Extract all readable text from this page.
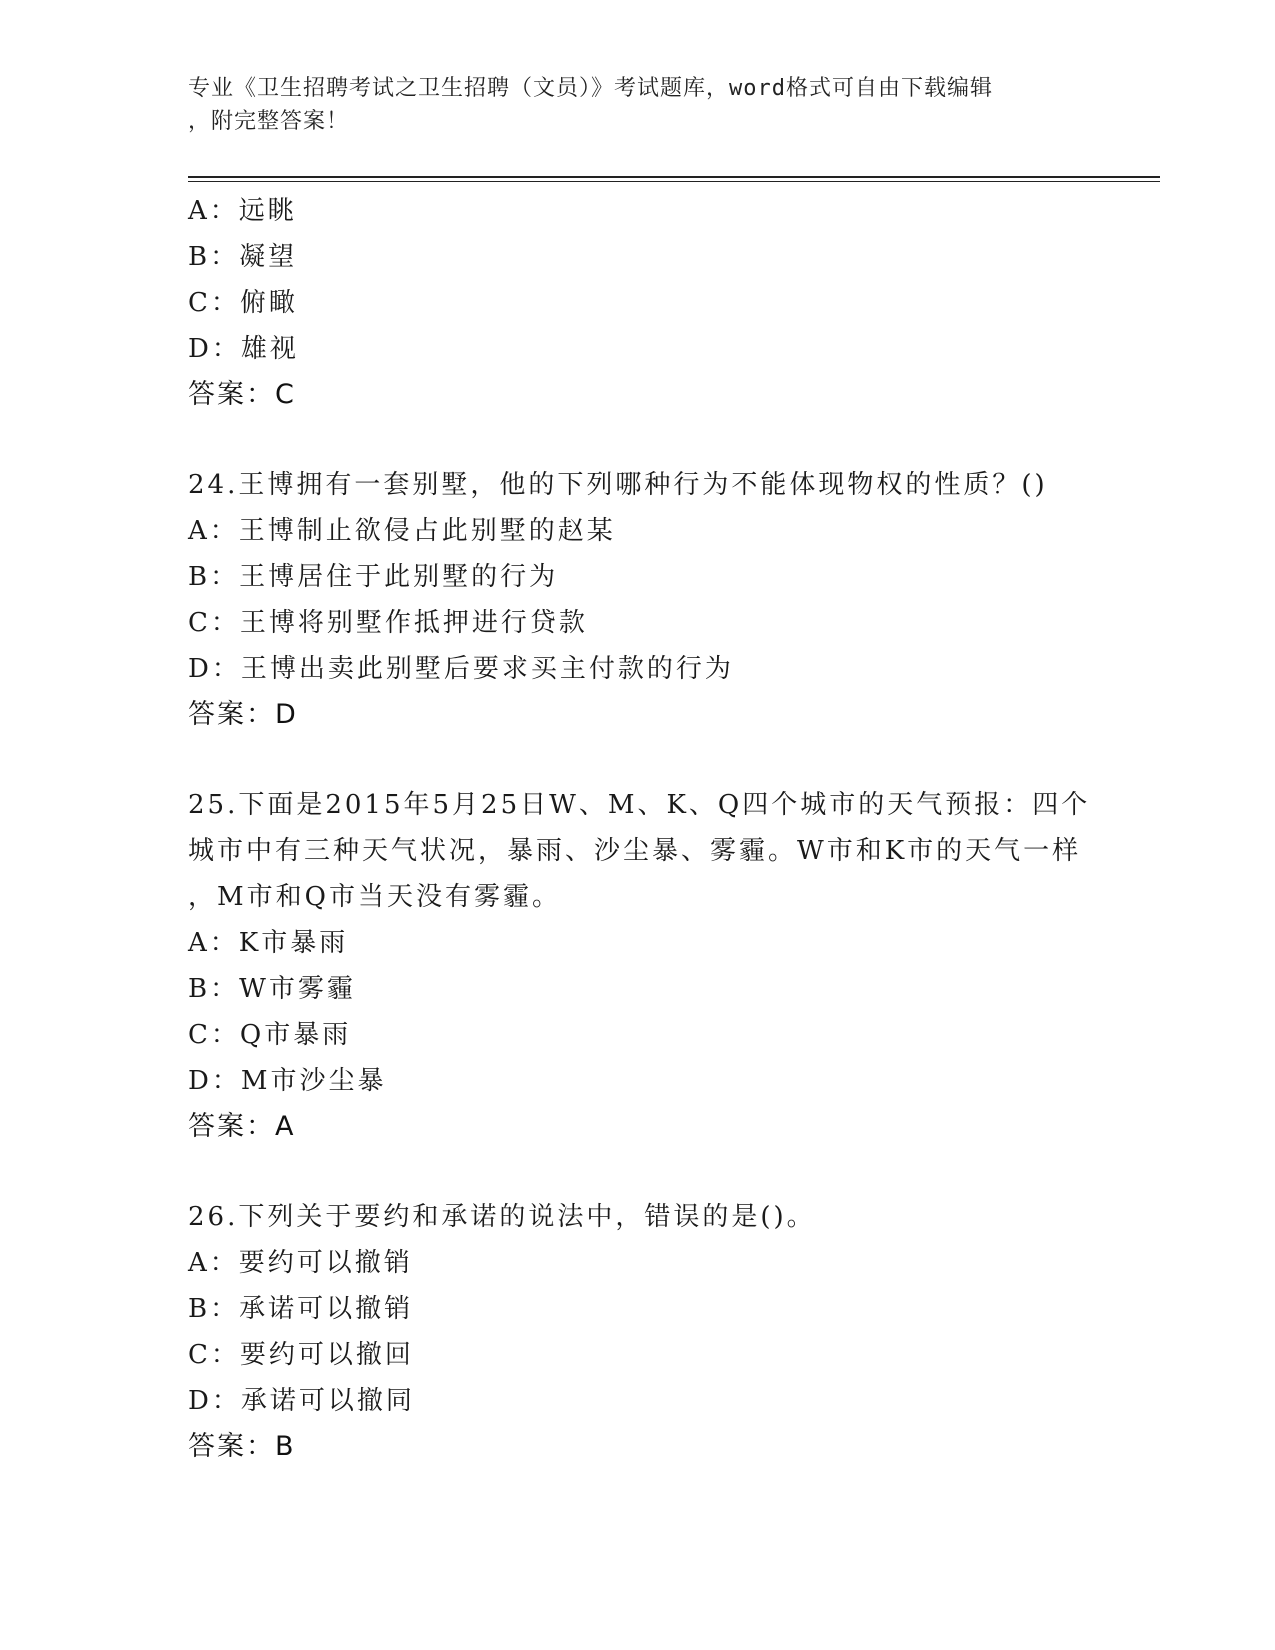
专业《卫生招聘考试之卫生招聘（文员）》考试题库，word格式可自由下载编辑
，附完整答案！
A：远眺
B：凝望
C：俯瞰
D：雄视
答案：C
24.王博拥有一套别墅，他的下列哪种行为不能体现物权的性质？()
A：王博制止欲侵占此别墅的赵某
B：王博居住于此别墅的行为
C：王博将别墅作抵押进行贷款
D：王博出卖此别墅后要求买主付款的行为
答案：D
25.下面是2015年5月25日W、M、K、Q四个城市的天气预报：四个
城市中有三种天气状况，暴雨、沙尘暴、雾霾。W市和K市的天气一样
，M市和Q市当天没有雾霾。
A：K市暴雨
B：W市雾霾
C：Q市暴雨
D：M市沙尘暴
答案：A
26.下列关于要约和承诺的说法中，错误的是()。
A：要约可以撤销
B：承诺可以撤销
C：要约可以撤回
D：承诺可以撤同
答案：B
